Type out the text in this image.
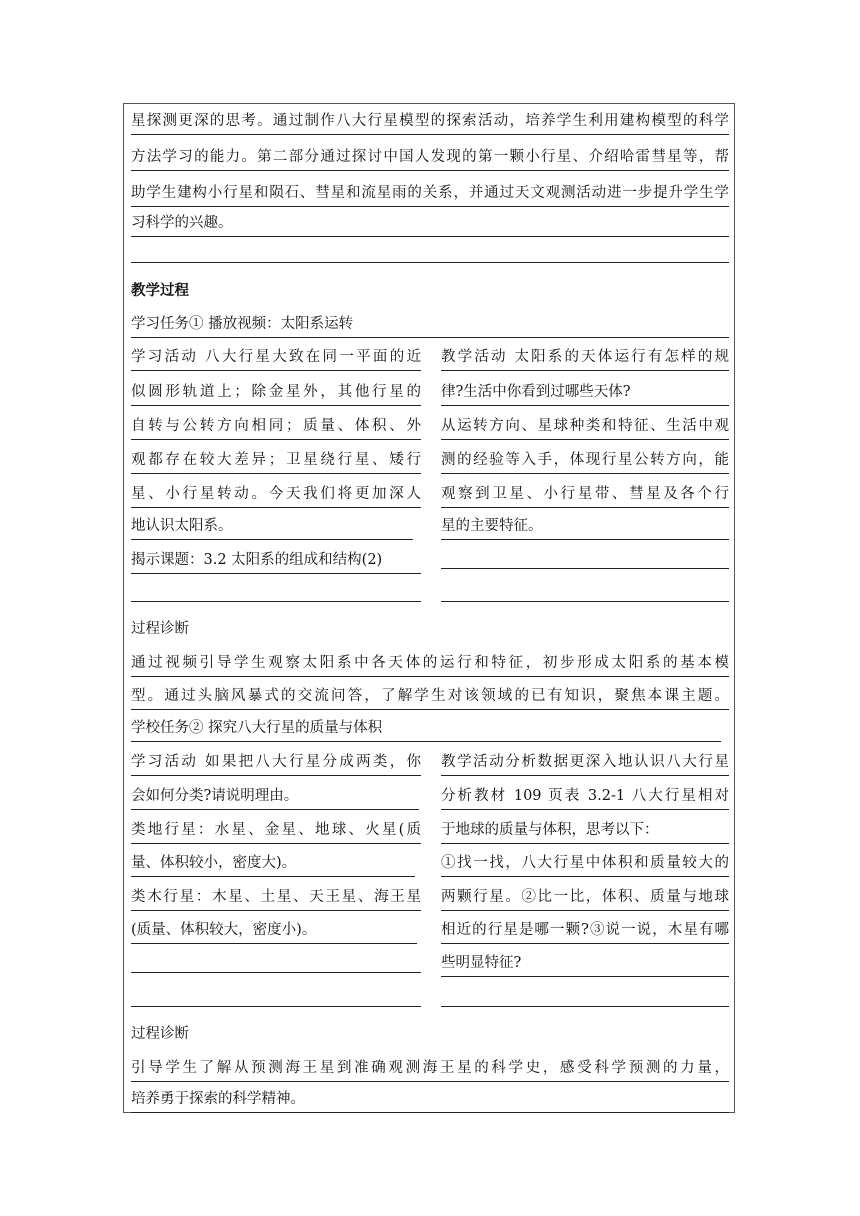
星探测更深的思考。通过制作八大行星模型的探索活动，培养学生利用建构模型的科学
方法学习的能力。第二部分通过探讨中国人发现的第一颗小行星、介绍哈雷彗星等，帮
助学生建构小行星和陨石、彗星和流星雨的关系，并通过天文观测活动进一步提升学生学
习科学的兴趣。
教学过程
学习任务① 播放视频：太阳系运转
学习活动 八大行星大致在同一平面的近
似圆形轨道上；除金星外，其他行星的
自转与公转方向相同；质量、体积、外
观都存在较大差异；卫星绕行星、矮行
星、小行星转动。今天我们将更加深人
地认识太阳系。
揭示课题：3.2 太阳系的组成和结构(2)
教学活动 太阳系的天体运行有怎样的规
律?生活中你看到过哪些天体?
从运转方向、星球种类和特征、生活中观
测的经验等入手，体现行星公转方向，能
观察到卫星、小行星带、彗星及各个行
星的主要特征。
过程诊断
通过视频引导学生观察太阳系中各天体的运行和特征，初步形成太阳系的基本模
型。通过头脑风暴式的交流问答，了解学生对该领域的已有知识，聚焦本课主题。
学校任务② 探究八大行星的质量与体积
学习活动 如果把八大行星分成两类，你
会如何分类?请说明理由。
类地行星：水星、金星、地球、火星(质
量、体积较小，密度大)。
类木行星：木星、土星、天王星、海王星
(质量、体积较大，密度小)。
教学活动分析数据更深入地认识八大行星
分析教材 109 页表 3.2-1 八大行星相对
于地球的质量与体积，思考以下：
①找一找，八大行星中体积和质量较大的
两颗行星。②比一比，体积、质量与地球
相近的行星是哪一颗?③说一说，木星有哪
些明显特征?
过程诊断
引导学生了解从预测海王星到准确观测海王星的科学史，感受科学预测的力量，
培养勇于探索的科学精神。
